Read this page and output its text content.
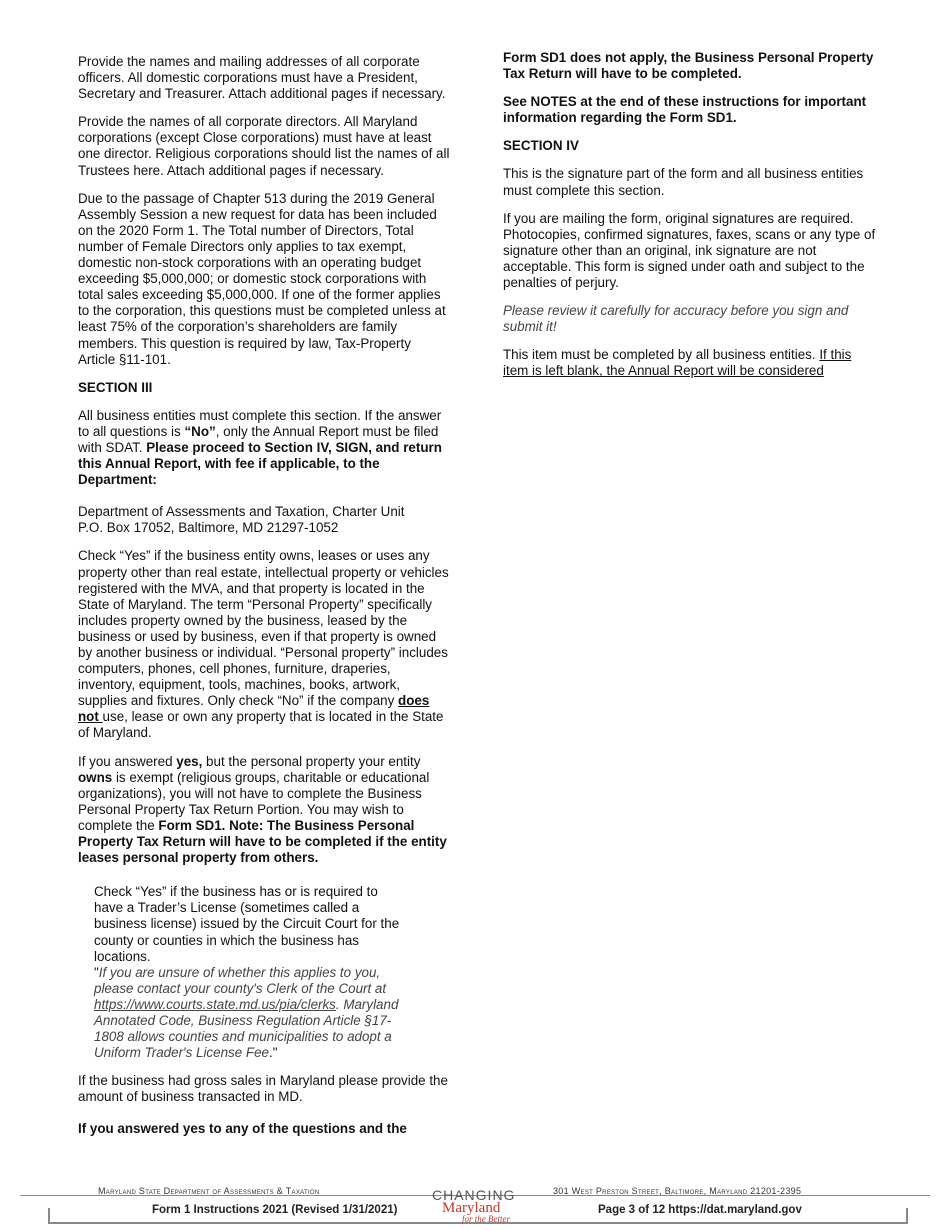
Provide the names and mailing addresses of all corporate officers. All domestic corporations must have a President, Secretary and Treasurer. Attach additional pages if necessary.

Provide the names of all corporate directors. All Maryland corporations (except Close corporations) must have at least one director. Religious corporations should list the names of all Trustees here. Attach additional pages if necessary.

Due to the passage of Chapter 513 during the 2019 General Assembly Session a new request for data has been included on the 2020 Form 1. The Total number of Directors, Total number of Female Directors only applies to tax exempt, domestic non-stock corporations with an operating budget exceeding $5,000,000; or domestic stock corporations with total sales exceeding $5,000,000. If one of the former applies to the corporation, this questions must be completed unless at least 75% of the corporation’s shareholders are family members. This question is required by law, Tax-Property Article §11-101.

SECTION III

All business entities must complete this section. If the answer to all questions is “No”, only the Annual Report must be filed with SDAT. Please proceed to Section IV, SIGN, and return this Annual Report, with fee if applicable, to the Department:

Department of Assessments and Taxation, Charter Unit
P.O. Box 17052, Baltimore, MD 21297-1052

Check “Yes” if the business entity owns, leases or uses any property other than real estate, intellectual property or vehicles registered with the MVA, and that property is located in the State of Maryland. The term “Personal Property” specifically includes property owned by the business, leased by the business or used by business, even if that property is owned by another business or individual. “Personal property” includes computers, phones, cell phones, furniture, draperies, inventory, equipment, tools, machines, books, artwork, supplies and fixtures. Only check “No” if the company does not use, lease or own any property that is located in the State of Maryland.

If you answered yes, but the personal property your entity owns is exempt (religious groups, charitable or educational organizations), you will not have to complete the Business Personal Property Tax Return Portion. You may wish to complete the Form SD1. Note: The Business Personal Property Tax Return will have to be completed if the entity leases personal property from others.

Check “Yes” if the business has or is required to have a Trader’s License (sometimes called a business license) issued by the Circuit Court for the county or counties in which the business has locations.
"If you are unsure of whether this applies to you, please contact your county's Clerk of the Court at https://www.courts.state.md.us/pia/clerks. Maryland Annotated Code, Business Regulation Article §17-1808 allows counties and municipalities to adopt a Uniform Trader's License Fee."

If the business had gross sales in Maryland please provide the amount of business transacted in MD.

If you answered yes to any of the questions and the

Form SD1 does not apply, the Business Personal Property Tax Return will have to be completed.

See NOTES at the end of these instructions for important information regarding the Form SD1.

SECTION IV

This is the signature part of the form and all business entities must complete this section.

If you are mailing the form, original signatures are required. Photocopies, confirmed signatures, faxes, scans or any type of signature other than an original, ink signature are not acceptable. This form is signed under oath and subject to the penalties of perjury.

Please review it carefully for accuracy before you sign and submit it!

This item must be completed by all business entities. If this item is left blank, the Annual Report will be considered

Maryland State Department of Assessments & Taxation	301 West Preston Street, Baltimore, Maryland 21201-2395
Form 1 Instructions 2021 (Revised 1/31/2021)	Page 3 of 12 https://dat.maryland.gov
CHANGING
Maryland
for the Better
